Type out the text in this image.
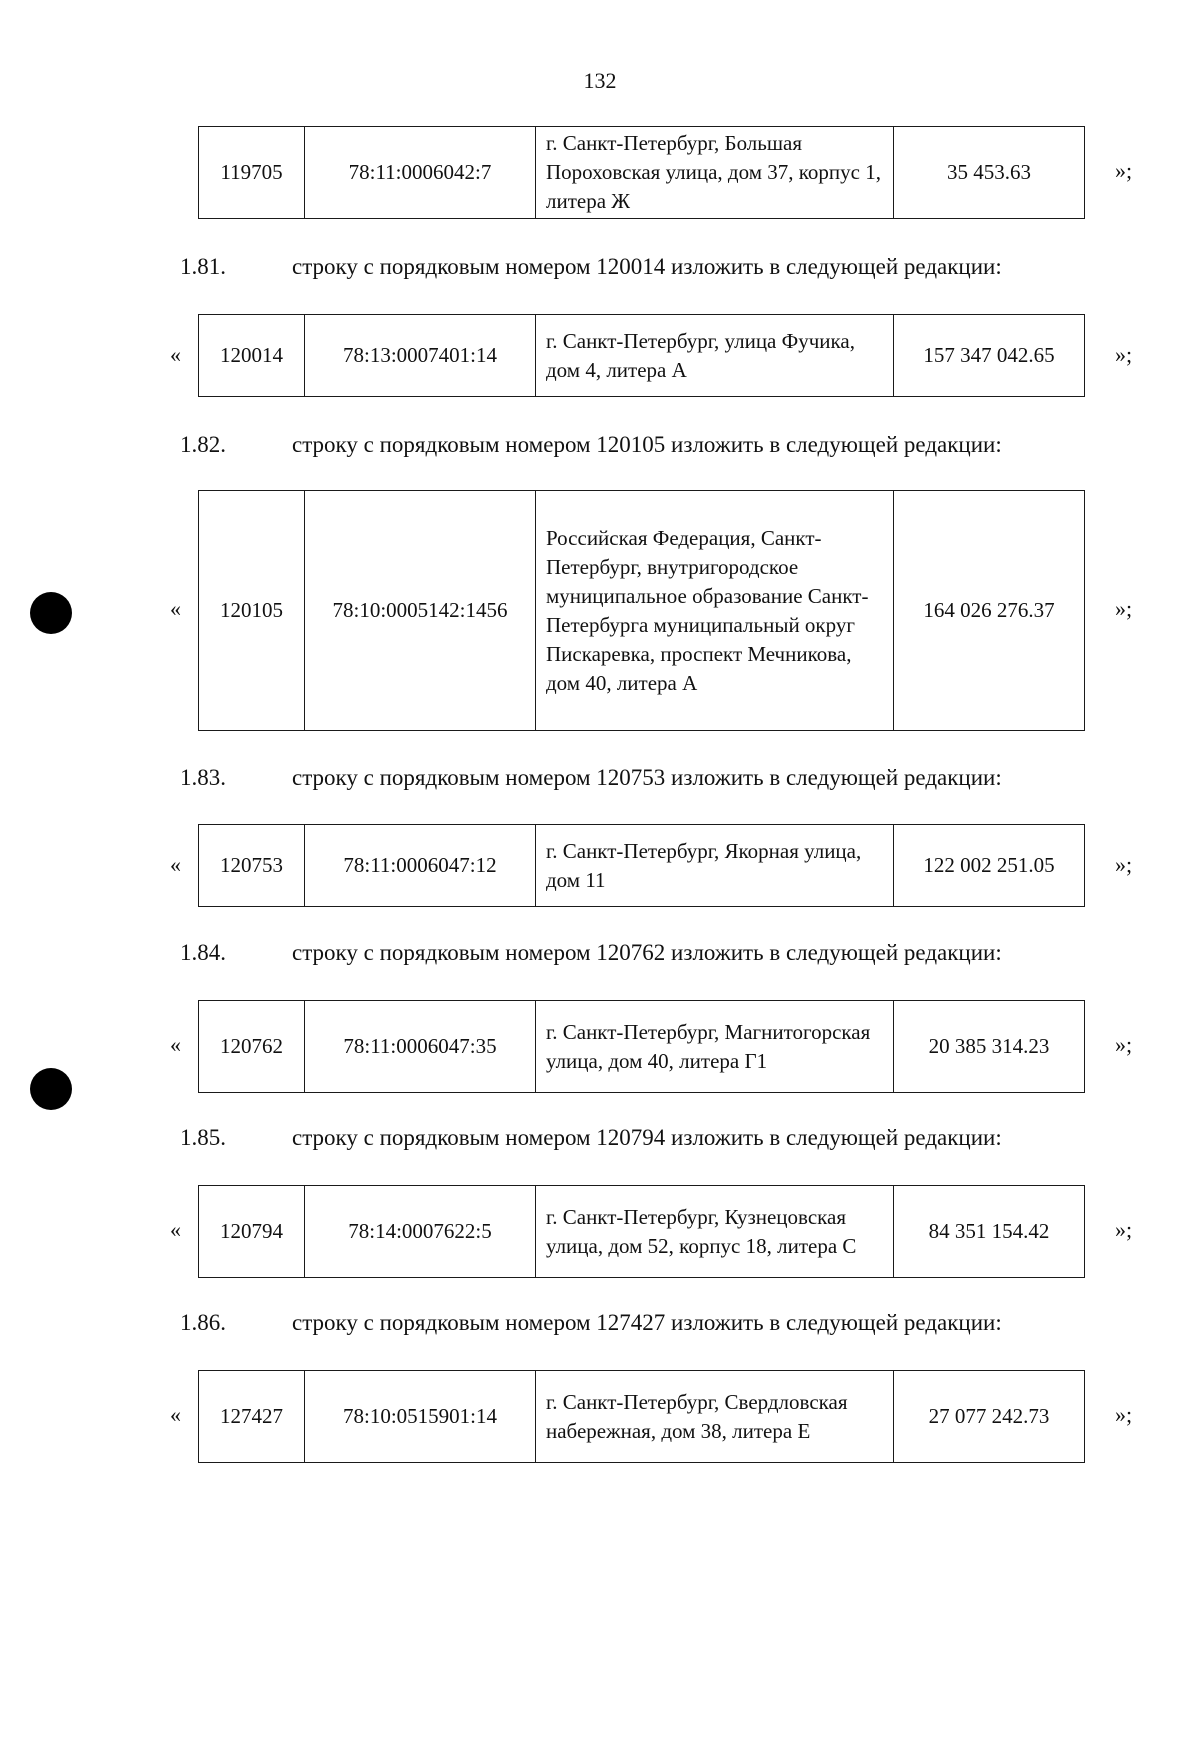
132
119705	78:11:0006042:7	г. Санкт-Петербург, Большая Пороховская улица, дом 37, корпус 1, литера Ж	35 453.63	»;
1.81.	строку с порядковым номером 120014 изложить в следующей редакции:
« 120014	78:13:0007401:14	г. Санкт-Петербург, улица Фучика, дом 4, литера А	157 347 042.65	»;
1.82.	строку с порядковым номером 120105 изложить в следующей редакции:
« 120105	78:10:0005142:1456	Российская Федерация, Санкт-Петербург, внутригородское муниципальное образование Санкт-Петербурга муниципальный округ Пискаревка, проспект Мечникова, дом 40, литера А	164 026 276.37	»;
1.83.	строку с порядковым номером 120753 изложить в следующей редакции:
« 120753	78:11:0006047:12	г. Санкт-Петербург, Якорная улица, дом 11	122 002 251.05	»;
1.84.	строку с порядковым номером 120762 изложить в следующей редакции:
« 120762	78:11:0006047:35	г. Санкт-Петербург, Магнитогорская улица, дом 40, литера Г1	20 385 314.23	»;
1.85.	строку с порядковым номером 120794 изложить в следующей редакции:
« 120794	78:14:0007622:5	г. Санкт-Петербург, Кузнецовская улица, дом 52, корпус 18, литера С	84 351 154.42	»;
1.86.	строку с порядковым номером 127427 изложить в следующей редакции:
« 127427	78:10:0515901:14	г. Санкт-Петербург, Свердловская набережная, дом 38, литера Е	27 077 242.73	»;
